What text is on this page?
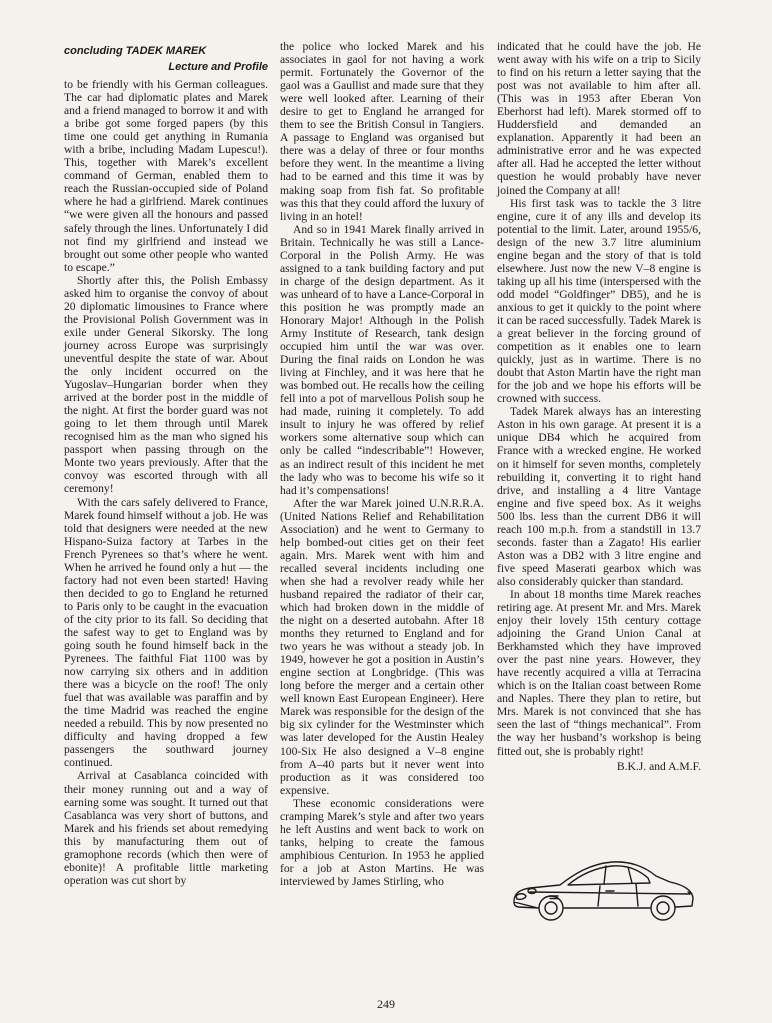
concluding TADEK MAREK
Lecture and Profile

to be friendly with his German colleagues. The car had diplomatic plates and Marek and a friend managed to borrow it and with a bribe got some forged papers (by this time one could get anything in Rumania with a bribe, including Madam Lupescu!). This, together with Marek’s excellent command of German, enabled them to reach the Russian-occupied side of Poland where he had a girlfriend. Marek continues “we were given all the honours and passed safely through the lines. Unfortunately I did not find my girlfriend and instead we brought out some other people who wanted to escape.”

Shortly after this, the Polish Embassy asked him to organise the convoy of about 20 diplomatic limousines to France where the Provisional Polish Government was in exile under General Sikorsky. The long journey across Europe was surprisingly uneventful despite the state of war. About the only incident occurred on the Yugoslav–Hungarian border when they arrived at the border post in the middle of the night. At first the border guard was not going to let them through until Marek recognised him as the man who signed his passport when passing through on the Monte two years previously. After that the convoy was escorted through with all ceremony!

With the cars safely delivered to France, Marek found himself without a job. He was told that designers were needed at the new Hispano-Suiza factory at Tarbes in the French Pyrenees so that’s where he went. When he arrived he found only a hut — the factory had not even been started! Having then decided to go to England he returned to Paris only to be caught in the evacuation of the city prior to its fall. So deciding that the safest way to get to England was by going south he found himself back in the Pyrenees. The faithful Fiat 1100 was by now carrying six others and in addition there was a bicycle on the roof! The only fuel that was available was paraffin and by the time Madrid was reached the engine needed a rebuild. This by now presented no difficulty and having dropped a few passengers the southward journey continued.

Arrival at Casablanca coincided with their money running out and a way of earning some was sought. It turned out that Casablanca was very short of buttons, and Marek and his friends set about remedying this by manufacturing them out of gramophone records (which then were of ebonite)! A profitable little marketing operation was cut short by

the police who locked Marek and his associates in gaol for not having a work permit. Fortunately the Governor of the gaol was a Gaullist and made sure that they were well looked after. Learning of their desire to get to England he arranged for them to see the British Consul in Tangiers. A passage to England was organised but there was a delay of three or four months before they went. In the meantime a living had to be earned and this time it was by making soap from fish fat. So profitable was this that they could afford the luxury of living in an hotel!

And so in 1941 Marek finally arrived in Britain. Technically he was still a Lance-Corporal in the Polish Army. He was assigned to a tank building factory and put in charge of the design department. As it was unheard of to have a Lance-Corporal in this position he was promptly made an Honorary Major! Although in the Polish Army Institute of Research, tank design occupied him until the war was over. During the final raids on London he was living at Finchley, and it was here that he was bombed out. He recalls how the ceiling fell into a pot of marvellous Polish soup he had made, ruining it completely. To add insult to injury he was offered by relief workers some alternative soup which can only be called “indescribable”! However, as an indirect result of this incident he met the lady who was to become his wife so it had it’s compensations!

After the war Marek joined U.N.R.R.A. (United Nations Relief and Rehabilitation Association) and he went to Germany to help bombed-out cities get on their feet again. Mrs. Marek went with him and recalled several incidents including one when she had a revolver ready while her husband repaired the radiator of their car, which had broken down in the middle of the night on a deserted autobahn. After 18 months they returned to England and for two years he was without a steady job. In 1949, however he got a position in Austin’s engine section at Longbridge. (This was long before the merger and a certain other well known East European Engineer). Here Marek was responsible for the design of the big six cylinder for the Westminster which was later developed for the Austin Healey 100-Six He also designed a V–8 engine from A–40 parts but it never went into production as it was considered too expensive.

These economic considerations were cramping Marek’s style and after two years he left Austins and went back to work on tanks, helping to create the famous amphibious Centurion. In 1953 he applied for a job at Aston Martins. He was interviewed by James Stirling, who

indicated that he could have the job. He went away with his wife on a trip to Sicily to find on his return a letter saying that the post was not available to him after all. (This was in 1953 after Eberan Von Eberhorst had left). Marek stormed off to Huddersfield and demanded an explanation. Apparently it had been an administrative error and he was expected after all. Had he accepted the letter without question he would probably have never joined the Company at all!

His first task was to tackle the 3 litre engine, cure it of any ills and develop its potential to the limit. Later, around 1955/6, design of the new 3.7 litre aluminium engine began and the story of that is told elsewhere. Just now the new V–8 engine is taking up all his time (interspersed with the odd model “Goldfinger” DB5), and he is anxious to get it quickly to the point where it can be raced successfully. Tadek Marek is a great believer in the forcing ground of competition as it enables one to learn quickly, just as in wartime. There is no doubt that Aston Martin have the right man for the job and we hope his efforts will be crowned with success.

Tadek Marek always has an interesting Aston in his own garage. At present it is a unique DB4 which he acquired from France with a wrecked engine. He worked on it himself for seven months, completely rebuilding it, converting it to right hand drive, and installing a 4 litre Vantage engine and five speed box. As it weighs 500 lbs. less than the current DB6 it will reach 100 m.p.h. from a standstill in 13.7 seconds. faster than a Zagato! His earlier Aston was a DB2 with 3 litre engine and five speed Maserati gearbox which was also considerably quicker than standard.

In about 18 months time Marek reaches retiring age. At present Mr. and Mrs. Marek enjoy their lovely 15th century cottage adjoining the Grand Union Canal at Berkhamsted which they have improved over the past nine years. However, they have recently acquired a villa at Terracina which is on the Italian coast between Rome and Naples. There they plan to retire, but Mrs. Marek is not convinced that she has seen the last of “things mechanical”. From the way her husband’s workshop is being fitted out, she is probably right!

B.K.J. and A.M.F.
249
